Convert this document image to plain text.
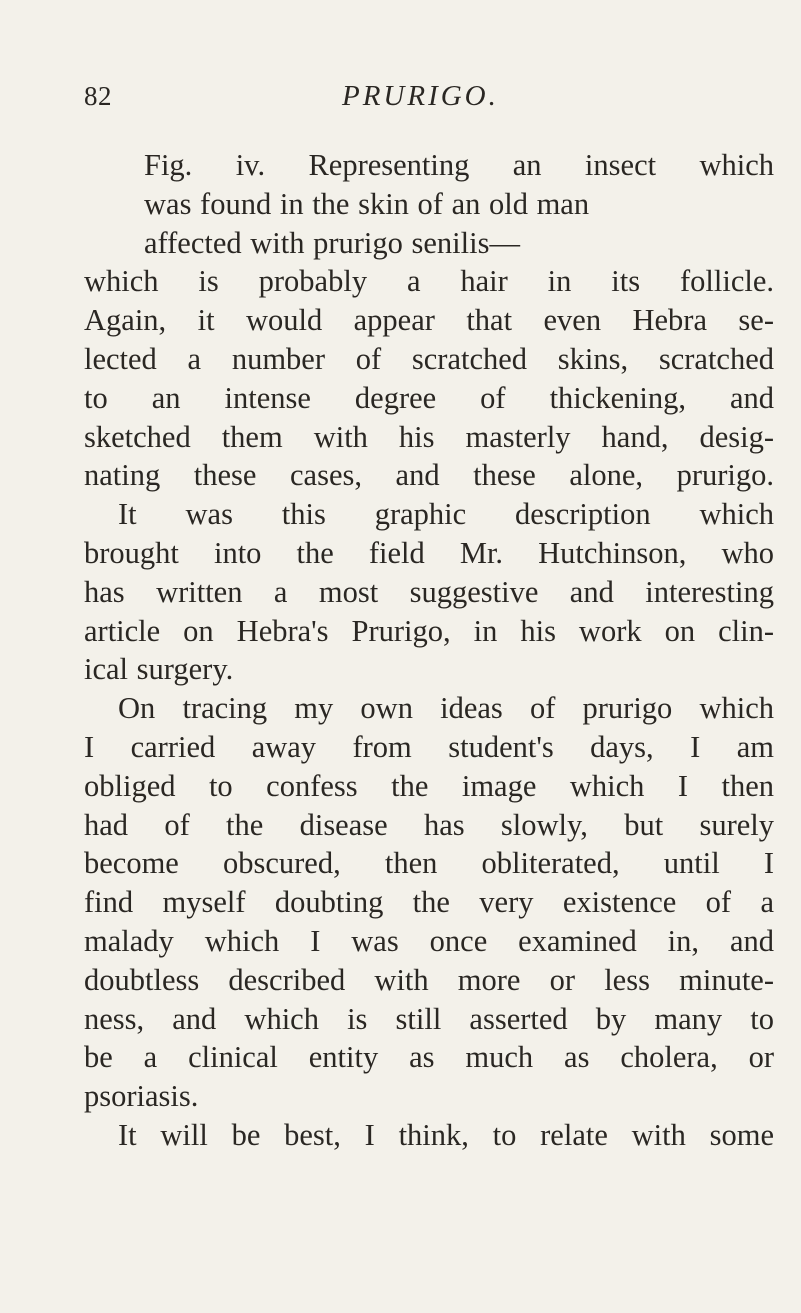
82	PRURIGO.
Fig. iv. Representing an insect which
was found in the skin of an old man
affected with prurigo senilis—
which is probably a hair in its follicle.
Again, it would appear that even Hebra se-
lected a number of scratched skins, scratched
to an intense degree of thickening, and
sketched them with his masterly hand, desig-
nating these cases, and these alone, prurigo.
It was this graphic description which
brought into the field Mr. Hutchinson, who
has written a most suggestive and interesting
article on Hebra's Prurigo, in his work on clin-
ical surgery.
On tracing my own ideas of prurigo which
I carried away from student's days, I am
obliged to confess the image which I then
had of the disease has slowly, but surely
become obscured, then obliterated, until I
find myself doubting the very existence of a
malady which I was once examined in, and
doubtless described with more or less minute-
ness, and which is still asserted by many to
be a clinical entity as much as cholera, or
psoriasis.
It will be best, I think, to relate with some
